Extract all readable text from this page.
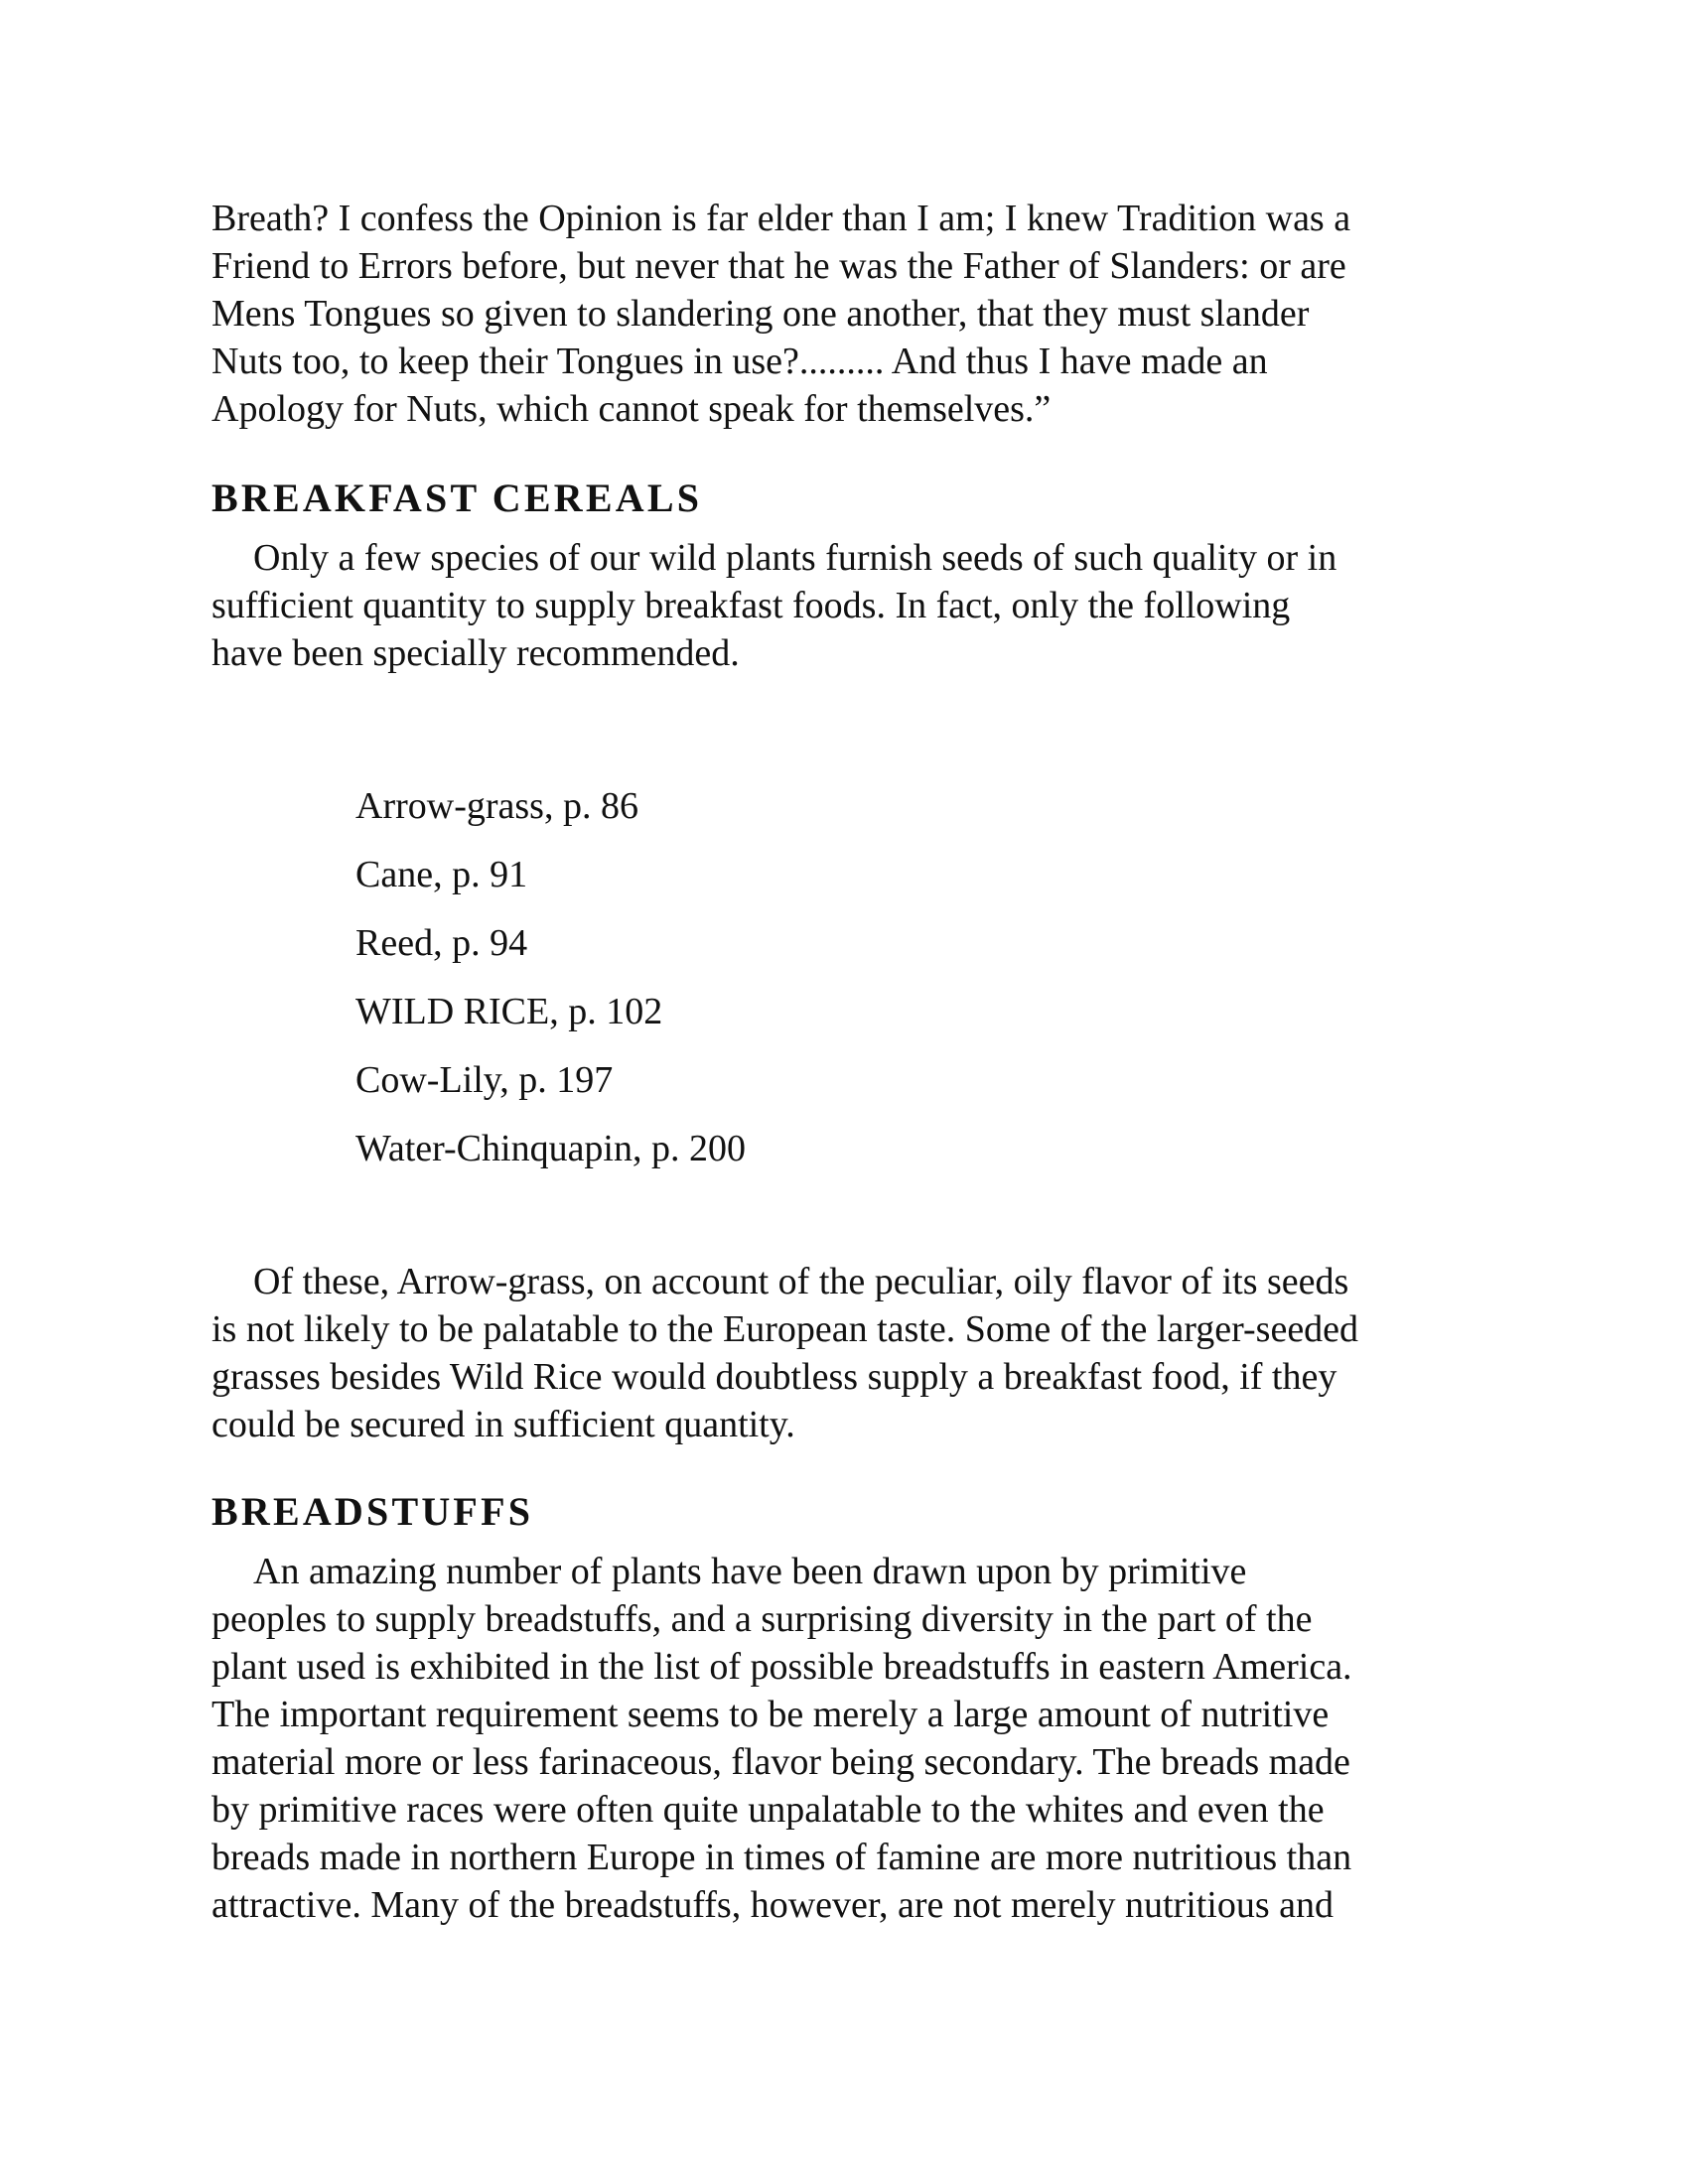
Breath? I confess the Opinion is far elder than I am; I knew Tradition was a
Friend to Errors before, but never that he was the Father of Slanders: or are
Mens Tongues so given to slandering one another, that they must slander
Nuts too, to keep their Tongues in use?......... And thus I have made an
Apology for Nuts, which cannot speak for themselves.”

BREAKFAST CEREALS

Only a few species of our wild plants furnish seeds of such quality or in
sufficient quantity to supply breakfast foods. In fact, only the following
have been specially recommended.

Arrow-grass, p. 86
Cane, p. 91
Reed, p. 94
WILD RICE, p. 102
Cow-Lily, p. 197
Water-Chinquapin, p. 200

Of these, Arrow-grass, on account of the peculiar, oily flavor of its seeds
is not likely to be palatable to the European taste. Some of the larger-seeded
grasses besides Wild Rice would doubtless supply a breakfast food, if they
could be secured in sufficient quantity.

BREADSTUFFS

An amazing number of plants have been drawn upon by primitive
peoples to supply breadstuffs, and a surprising diversity in the part of the
plant used is exhibited in the list of possible breadstuffs in eastern America.
The important requirement seems to be merely a large amount of nutritive
material more or less farinaceous, flavor being secondary. The breads made
by primitive races were often quite unpalatable to the whites and even the
breads made in northern Europe in times of famine are more nutritious than
attractive. Many of the breadstuffs, however, are not merely nutritious and
